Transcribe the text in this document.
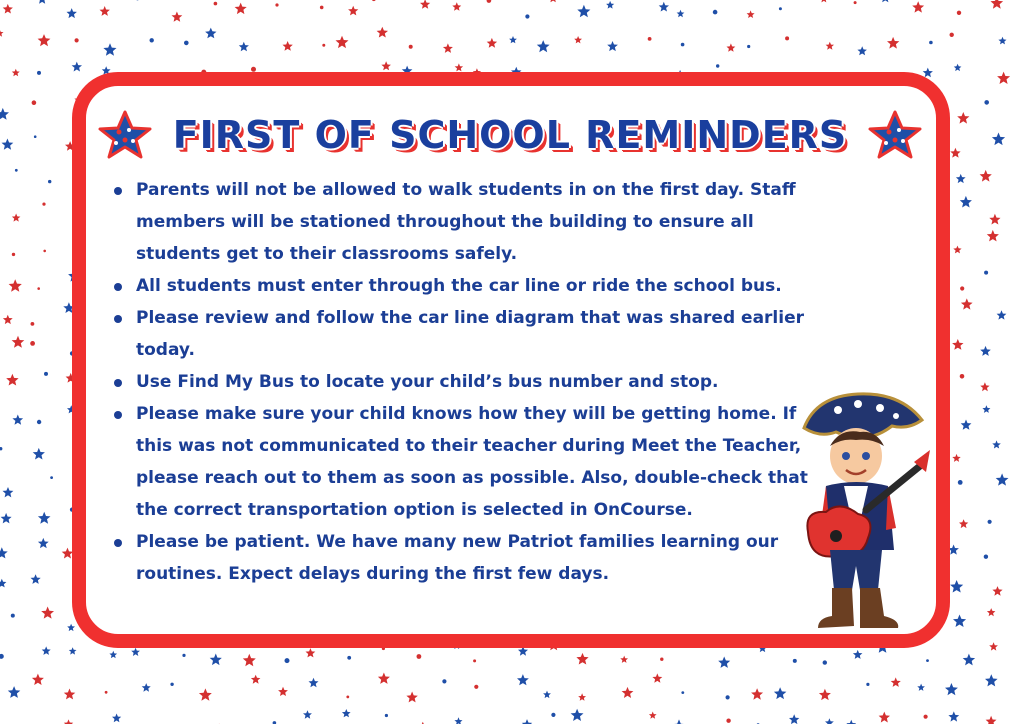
FIRST OF SCHOOL REMINDERS
Parents will not be allowed to walk students in on the first day. Staff members will be stationed throughout the building to ensure all students get to their classrooms safely.
All students must enter through the car line or ride the school bus.
Please review and follow the car line diagram that was shared earlier today.
Use Find My Bus to locate your child’s bus number and stop.
Please make sure your child knows how they will be getting home. If this was not communicated to their teacher during Meet the Teacher, please reach out to them as soon as possible. Also, double-check that the correct transportation option is selected in OnCourse.
Please be patient. We have many new Patriot families learning our routines. Expect delays during the first few days.
